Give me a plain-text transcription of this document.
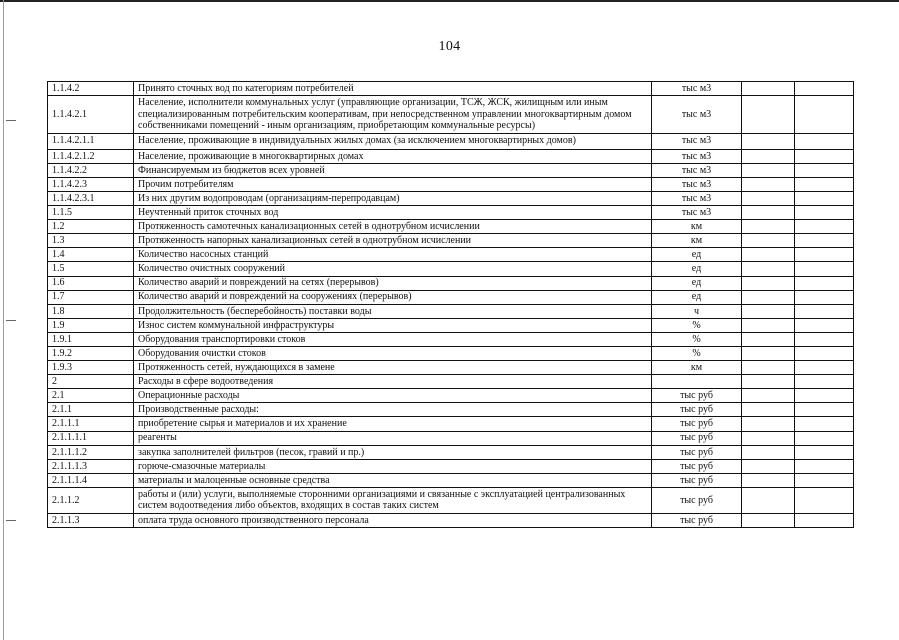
104
1.1.4.2	Принято сточных вод по категориям потребителей	тыс м3		
1.1.4.2.1	Население, исполнители коммунальных услуг (управляющие организации, ТСЖ, ЖСК, жилищным или иным специализированным потребительским кооперативам, при непосредственном управлении многоквартирным домом собственниками помещений - иным организациям, приобретающим коммунальные ресурсы)	тыс м3		
1.1.4.2.1.1	Население, проживающие в индивидуальных жилых домах (за исключением многоквартирных домов)	тыс м3		
1.1.4.2.1.2	Население, проживающие в многоквартирных домах	тыс м3		
1.1.4.2.2	Финансируемым из бюджетов всех уровней	тыс м3		
1.1.4.2.3	Прочим потребителям	тыс м3		
1.1.4.2.3.1	Из них другим водопроводам (организациям-перепродавцам)	тыс м3		
1.1.5	Неучтенный приток сточных вод	тыс м3		
1.2	Протяженность самотечных канализационных сетей в однотрубном исчислении	км		
1.3	Протяженность напорных канализационных сетей в однотрубном исчислении	км		
1.4	Количество насосных станций	ед		
1.5	Количество очистных сооружений	ед		
1.6	Количество аварий и повреждений на сетях (перерывов)	ед		
1.7	Количество аварий и повреждений на сооружениях (перерывов)	ед		
1.8	Продолжительность (бесперебойность) поставки воды	ч		
1.9	Износ систем коммунальной инфраструктуры	%		
1.9.1	Оборудования транспортировки стоков	%		
1.9.2	Оборудования очистки стоков	%		
1.9.3	Протяженность сетей, нуждающихся в замене	км		
2	Расходы в сфере водоотведения			
2.1	Операционные расходы	тыс руб		
2.1.1	Производственные расходы:	тыс руб		
2.1.1.1	приобретение сырья и материалов и их хранение	тыс руб		
2.1.1.1.1	реагенты	тыс руб		
2.1.1.1.2	закупка заполнителей фильтров (песок, гравий и пр.)	тыс руб		
2.1.1.1.3	горюче-смазочные материалы	тыс руб		
2.1.1.1.4	материалы и малоценные основные средства	тыс руб		
2.1.1.2	работы и (или) услуги, выполняемые сторонними организациями и связанные с эксплуатацией централизованных систем водоотведения либо объектов, входящих в состав таких систем	тыс руб		
2.1.1.3	оплата труда основного производственного персонала	тыс руб		
